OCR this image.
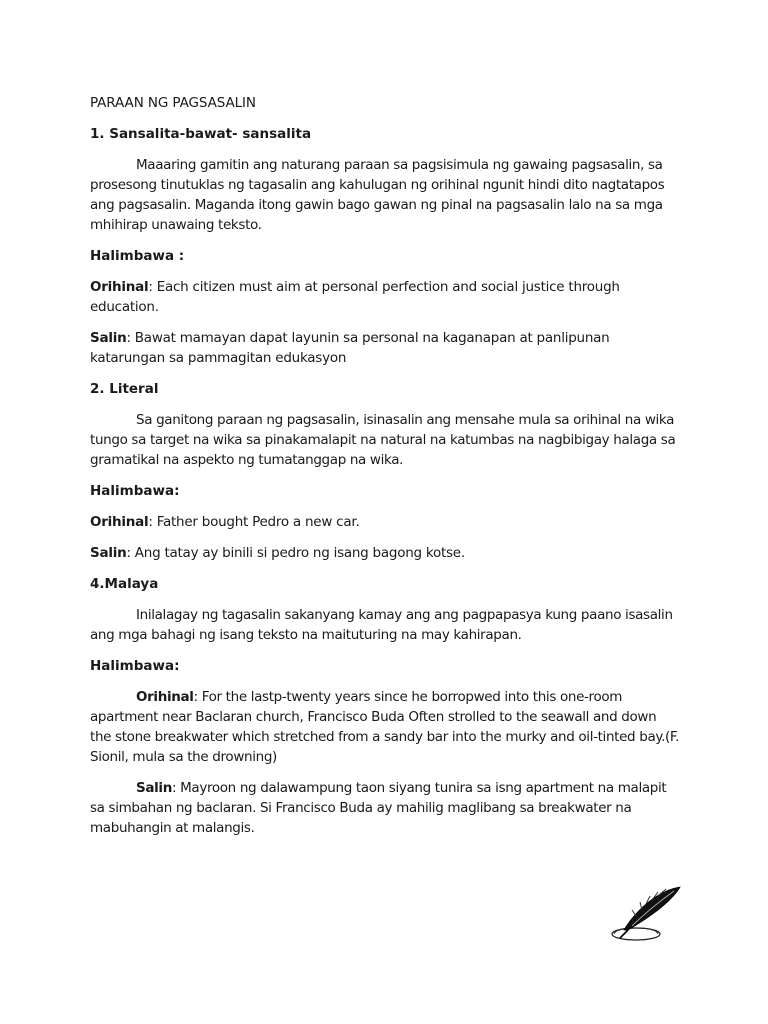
PARAAN NG PAGSASALIN
1. Sansalita-bawat- sansalita

Maaaring gamitin ang naturang paraan sa pagsisimula ng gawaing pagsasalin, sa prosesong tinutuklas ng tagasalin ang kahulugan ng orihinal ngunit hindi dito nagtatapos ang pagsasalin. Maganda itong gawin bago gawan ng pinal na pagsasalin lalo na sa mga mhihirap unawaing teksto.

Halimbawa :

Orihinal: Each citizen must aim at personal perfection and social justice through education.

Salin: Bawat mamayan dapat layunin sa personal na kaganapan at panlipunan katarungan sa pammagitan edukasyon

2. Literal

Sa ganitong paraan ng pagsasalin, isinasalin ang mensahe mula sa orihinal na wika tungo sa target na wika sa pinakamalapit na natural na katumbas na nagbibigay halaga sa gramatikal na aspekto ng tumatanggap na wika.

Halimbawa:

Orihinal: Father bought Pedro a new car.

Salin: Ang tatay ay binili si pedro ng isang bagong kotse.

4.Malaya

Inilalagay ng tagasalin sakanyang kamay ang ang pagpapasya kung paano isasalin ang mga bahagi ng isang teksto na maituturing na may kahirapan.

Halimbawa:

Orihinal: For the lastp-twenty years since he borropwed into this one-room apartment near Baclaran church, Francisco Buda Often strolled to the seawall and down the stone breakwater which stretched from a sandy bar into the murky and oil-tinted bay.(F. Sionil, mula sa the drowning)

Salin: Mayroon ng dalawampung taon siyang tunira sa isng apartment na malapit sa simbahan ng baclaran. Si Francisco Buda ay mahilig maglibang sa breakwater na mabuhangin at malangis.
